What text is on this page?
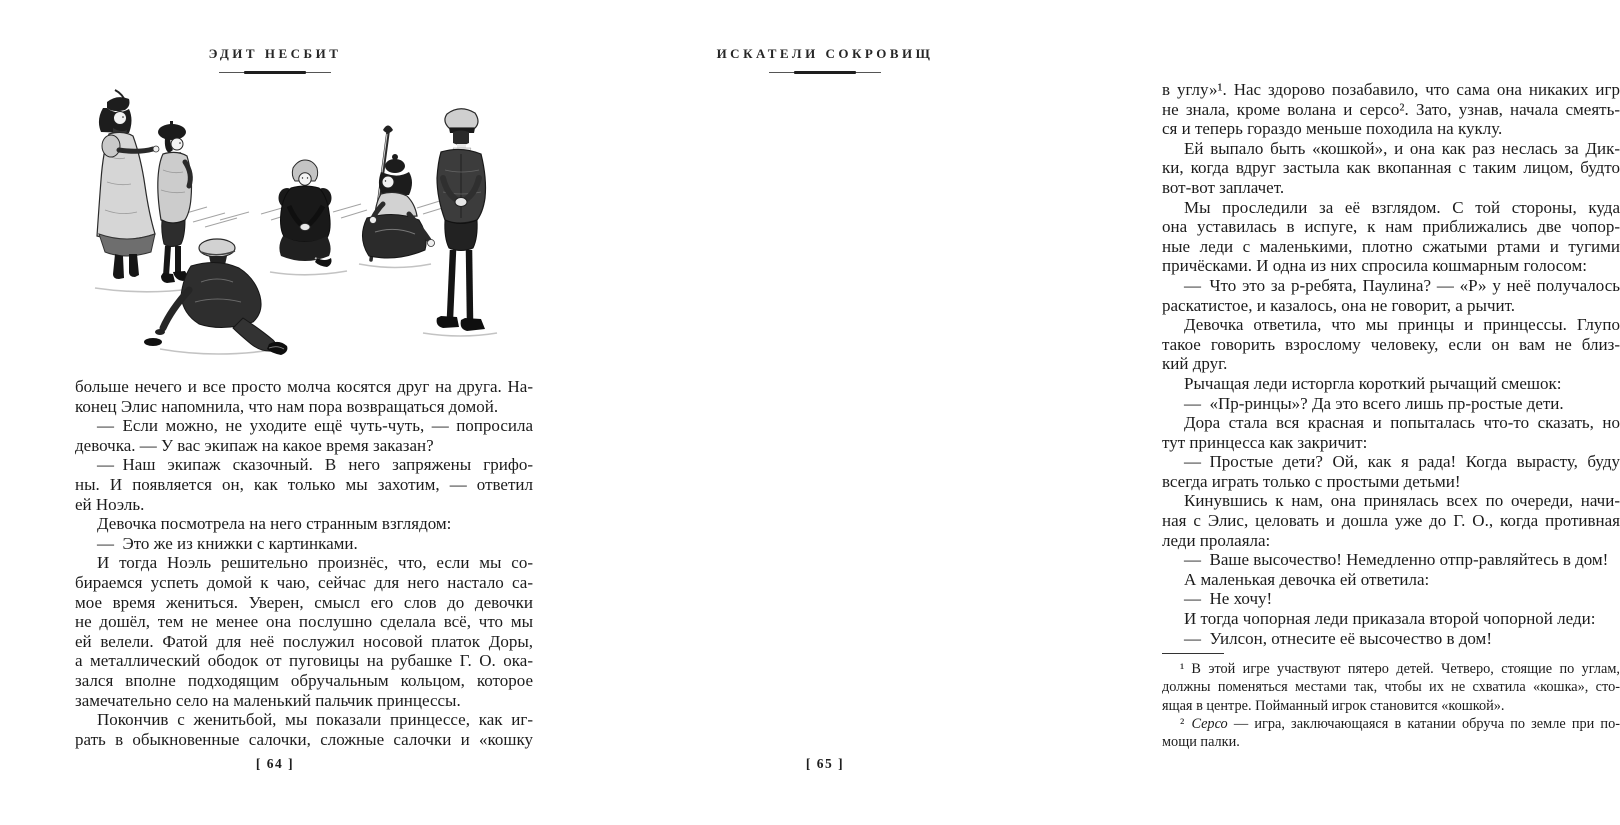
ЭДИТ НЕСБИТ
больше нечего и все просто молча косятся друг на друга. На-
конец Элис напомнила, что нам пора возвращаться домой.
— Если можно, не уходите ещё чуть-чуть, — попросила
девочка. — У вас экипаж на какое время заказан?
— Наш экипаж сказочный. В него запряжены грифо-
ны. И появляется он, как только мы захотим, — ответил
ей Ноэль.
Девочка посмотрела на него странным взглядом:
— Это же из книжки с картинками.
И тогда Ноэль решительно произнёс, что, если мы со-
бираемся успеть домой к чаю, сейчас для него настало са-
мое время жениться. Уверен, смысл его слов до девочки
не дошёл, тем не менее она послушно сделала всё, что мы
ей велели. Фатой для неё послужил носовой платок Доры,
а металлический ободок от пуговицы на рубашке Г. О. ока-
зался вполне подходящим обручальным кольцом, которое
замечательно село на маленький пальчик принцессы.
Покончив с женитьбой, мы показали принцессе, как иг-
рать в обыкновенные салочки, сложные салочки и «кошку
[ 64 ]
ИСКАТЕЛИ СОКРОВИЩ
в углу»¹. Нас здорово позабавило, что сама она никаких игр
не знала, кроме волана и серсо². Зато, узнав, начала смеять-
ся и теперь гораздо меньше походила на куклу.
Ей выпало быть «кошкой», и она как раз неслась за Дик-
ки, когда вдруг застыла как вкопанная с таким лицом, будто
вот-вот заплачет.
Мы проследили за её взглядом. С той стороны, куда
она уставилась в испуге, к нам приближались две чопор-
ные леди с маленькими, плотно сжатыми ртами и тугими
причёсками. И одна из них спросила кошмарным голосом:
— Что это за р-ребята, Паулина? — «Р» у неё получалось
раскатистое, и казалось, она не говорит, а рычит.
Девочка ответила, что мы принцы и принцессы. Глупо
такое говорить взрослому человеку, если он вам не близ-
кий друг.
Рычащая леди исторгла короткий рычащий смешок:
— «Пр-ринцы»? Да это всего лишь пр-ростые дети.
Дора стала вся красная и попыталась что-то сказать, но
тут принцесса как закричит:
— Простые дети? Ой, как я рада! Когда вырасту, буду
всегда играть только с простыми детьми!
Кинувшись к нам, она принялась всех по очереди, начи-
ная с Элис, целовать и дошла уже до Г. О., когда противная
леди пролаяла:
— Ваше высочество! Немедленно отпр-равляйтесь в дом!
А маленькая девочка ей ответила:
— Не хочу!
И тогда чопорная леди приказала второй чопорной леди:
— Уилсон, отнесите её высочество в дом!
¹ В этой игре участвуют пятеро детей. Четверо, стоящие по углам,
должны поменяться местами так, чтобы их не схватила «кошка», сто-
ящая в центре. Пойманный игрок становится «кошкой».
² Серсо — игра, заключающаяся в катании обруча по земле при по-
мощи палки.
[ 65 ]
